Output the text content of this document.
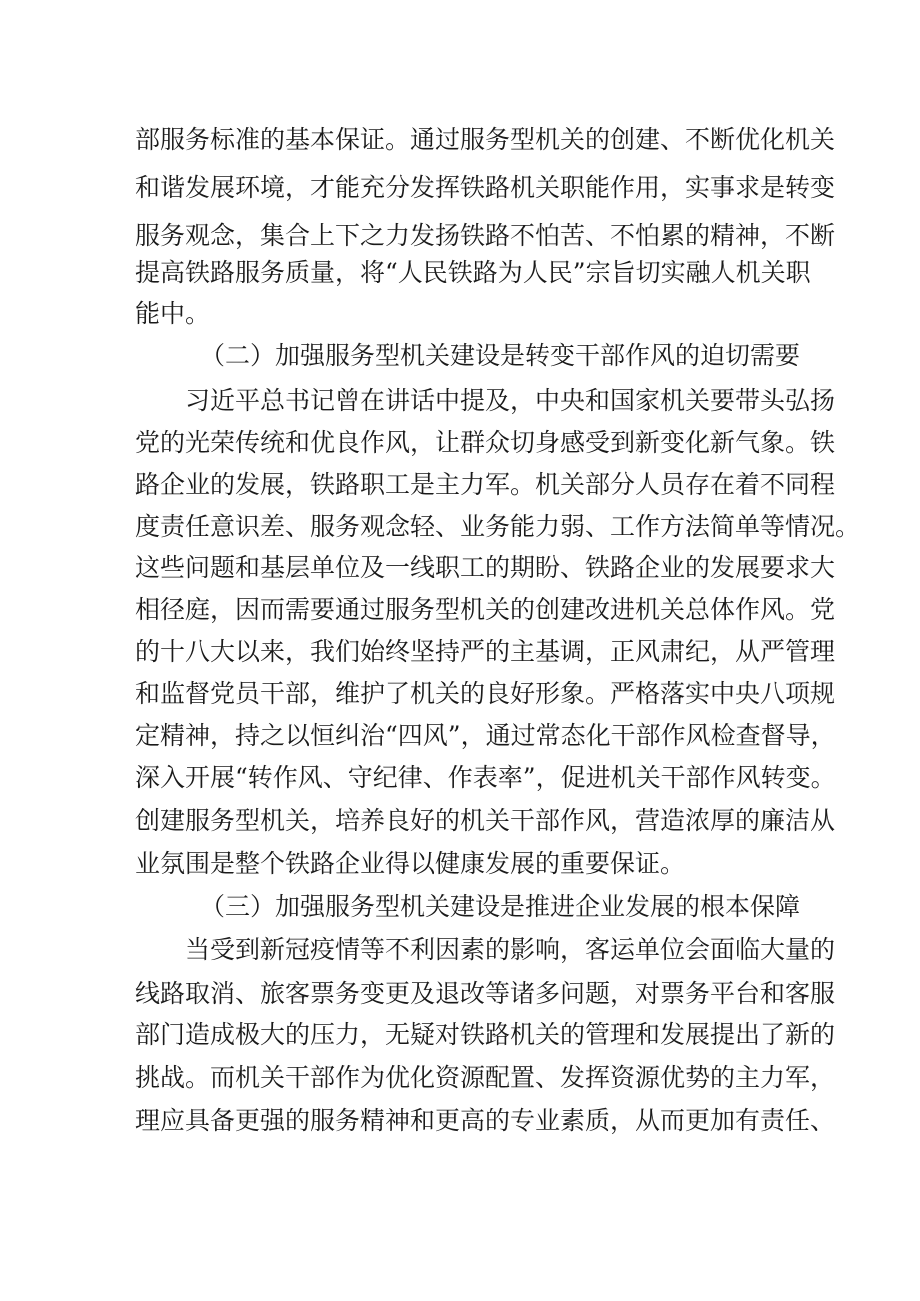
部服务标准的基本保证。通过服务型机关的创建、不断优化机关
和谐发展环境，才能充分发挥铁路机关职能作用，实事求是转变
服务观念，集合上下之力发扬铁路不怕苦、不怕累的精神，不断
提高铁路服务质量，将“人民铁路为人民”宗旨切实融人机关职
能中。
（二）加强服务型机关建设是转变干部作风的迫切需要
习近平总书记曾在讲话中提及，中央和国家机关要带头弘扬
党的光荣传统和优良作风，让群众切身感受到新变化新气象。铁
路企业的发展，铁路职工是主力军。机关部分人员存在着不同程
度责任意识差、服务观念轻、业务能力弱、工作方法简单等情况。
这些问题和基层单位及一线职工的期盼、铁路企业的发展要求大
相径庭，因而需要通过服务型机关的创建改进机关总体作风。党
的十八大以来，我们始终坚持严的主基调，正风肃纪，从严管理
和监督党员干部，维护了机关的良好形象。严格落实中央八项规
定精神，持之以恒纠治“四风”，通过常态化干部作风检查督导，
深入开展“转作风、守纪律、作表率”，促进机关干部作风转变。
创建服务型机关，培养良好的机关干部作风，营造浓厚的廉洁从
业氛围是整个铁路企业得以健康发展的重要保证。
（三）加强服务型机关建设是推进企业发展的根本保障
当受到新冠疫情等不利因素的影响，客运单位会面临大量的
线路取消、旅客票务变更及退改等诸多问题，对票务平台和客服
部门造成极大的压力，无疑对铁路机关的管理和发展提出了新的
挑战。而机关干部作为优化资源配置、发挥资源优势的主力军，
理应具备更强的服务精神和更高的专业素质，从而更加有责任、
